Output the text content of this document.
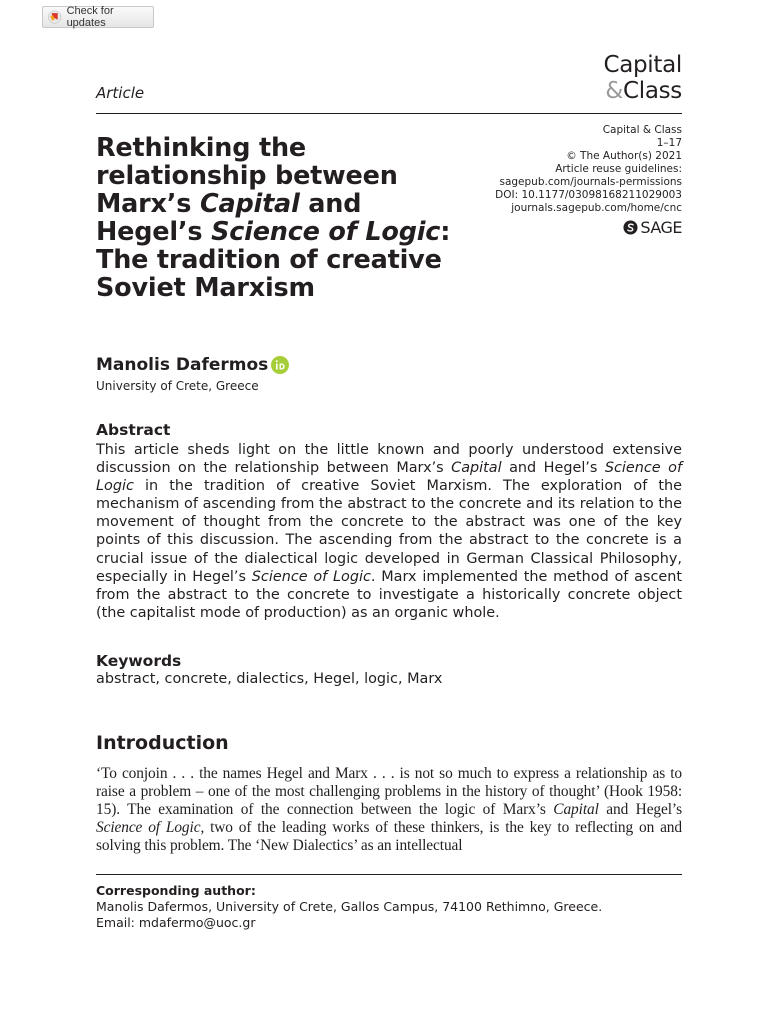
Check for updates
Article
Capital
&Class
Rethinking the relationship between Marx’s Capital and Hegel’s Science of Logic: The tradition of creative Soviet Marxism
Capital & Class
1–17
© The Author(s) 2021
Article reuse guidelines:
sagepub.com/journals-permissions
DOI: 10.1177/03098168211029003
journals.sagepub.com/home/cnc
SAGE
Manolis Dafermos
University of Crete, Greece
Abstract

This article sheds light on the little known and poorly understood extensive discussion on the relationship between Marx’s Capital and Hegel’s Science of Logic in the tradition of creative Soviet Marxism. The exploration of the mechanism of ascending from the abstract to the concrete and its relation to the movement of thought from the concrete to the abstract was one of the key points of this discussion. The ascending from the abstract to the concrete is a crucial issue of the dialectical logic developed in German Classical Philosophy, especially in Hegel’s Science of Logic. Marx implemented the method of ascent from the abstract to the concrete to investigate a historically concrete object (the capitalist mode of production) as an organic whole.

Keywords
abstract, concrete, dialectics, Hegel, logic, Marx
Introduction

‘To conjoin . . . the names Hegel and Marx . . . is not so much to express a relationship as to raise a problem – one of the most challenging problems in the history of thought’ (Hook 1958: 15). The examination of the connection between the logic of Marx’s Capital and Hegel’s Science of Logic, two of the leading works of these thinkers, is the key to reflecting on and solving this problem. The ‘New Dialectics’ as an intellectual

Corresponding author:
Manolis Dafermos, University of Crete, Gallos Campus, 74100 Rethimno, Greece.
Email: mdafermo@uoc.gr
